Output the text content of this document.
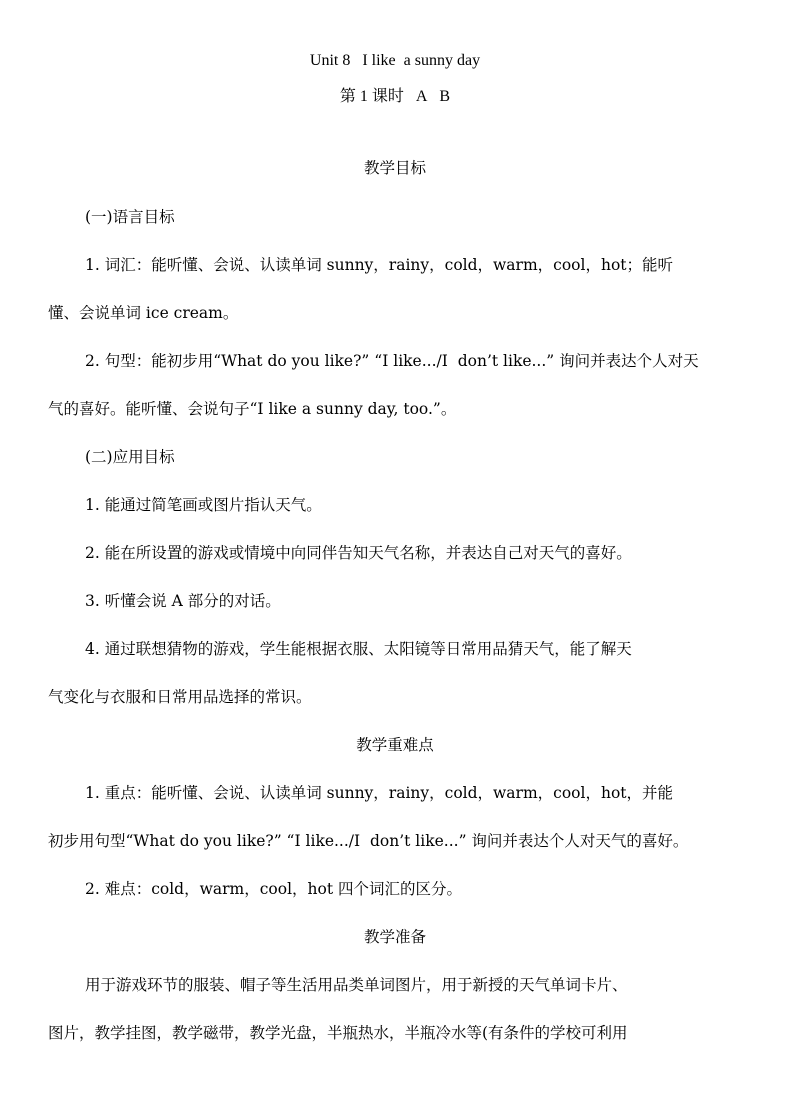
Unit 8   I like  a sunny day
第 1 课时   A   B
教学目标
(一)语言目标
1. 词汇：能听懂、会说、认读单词 sunny，rainy，cold，warm，cool，hot；能听
懂、会说单词 ice cream。
2. 句型：能初步用“What do you like?” “I like.../I  don’t like...” 询问并表达个人对天
气的喜好。能听懂、会说句子“I like a sunny day, too.”。
(二)应用目标
1. 能通过简笔画或图片指认天气。
2. 能在所设置的游戏或情境中向同伴告知天气名称，并表达自己对天气的喜好。
3. 听懂会说 A 部分的对话。
4. 通过联想猜物的游戏，学生能根据衣服、太阳镜等日常用品猜天气，能了解天
气变化与衣服和日常用品选择的常识。
教学重难点
1. 重点：能听懂、会说、认读单词 sunny，rainy，cold，warm，cool，hot，并能
初步用句型“What do you like?” “I like.../I  don’t like...” 询问并表达个人对天气的喜好。
2. 难点：cold，warm，cool，hot 四个词汇的区分。
教学准备
用于游戏环节的服装、帽子等生活用品类单词图片，用于新授的天气单词卡片、
图片，教学挂图，教学磁带，教学光盘，半瓶热水，半瓶冷水等(有条件的学校可利用
